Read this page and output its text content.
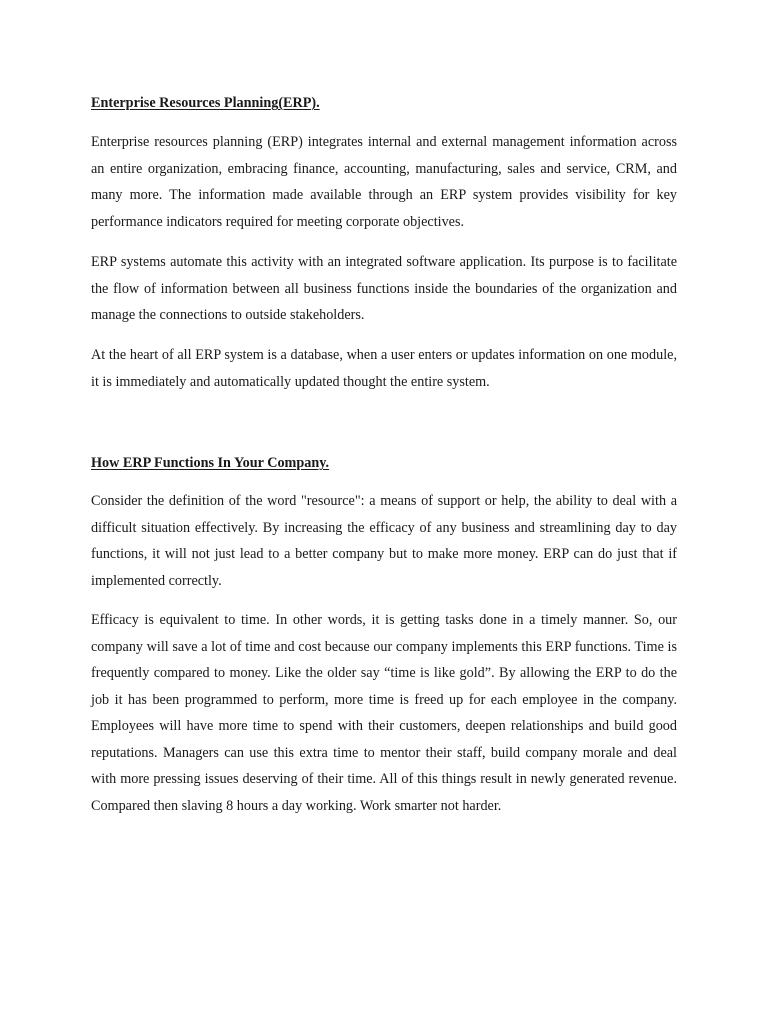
Enterprise Resources Planning(ERP).

Enterprise resources planning (ERP) integrates internal and external management information across an entire organization, embracing finance, accounting, manufacturing, sales and service, CRM, and many more. The information made available through an ERP system provides visibility for key performance indicators required for meeting corporate objectives.

ERP systems automate this activity with an integrated software application. Its purpose is to facilitate the flow of information between all business functions inside the boundaries of the organization and manage the connections to outside stakeholders.

At the heart of all ERP system is a database, when a user enters or updates information on one module, it is immediately and automatically updated thought the entire system.

How ERP Functions In Your Company.

Consider the definition of the word "resource": a means of support or help, the ability to deal with a difficult situation effectively. By increasing the efficacy of any business and streamlining day to day functions, it will not just lead to a better company but to make more money. ERP can do just that if implemented correctly.

Efficacy is equivalent to time. In other words, it is getting tasks done in a timely manner. So, our company will save a lot of time and cost because our company implements this ERP functions. Time is frequently compared to money. Like the older say “time is like gold”. By allowing the ERP to do the job it has been programmed to perform, more time is freed up for each employee in the company. Employees will have more time to spend with their customers, deepen relationships and build good reputations. Managers can use this extra time to mentor their staff, build company morale and deal with more pressing issues deserving of their time. All of this things result in newly generated revenue. Compared then slaving 8 hours a day working. Work smarter not harder.
